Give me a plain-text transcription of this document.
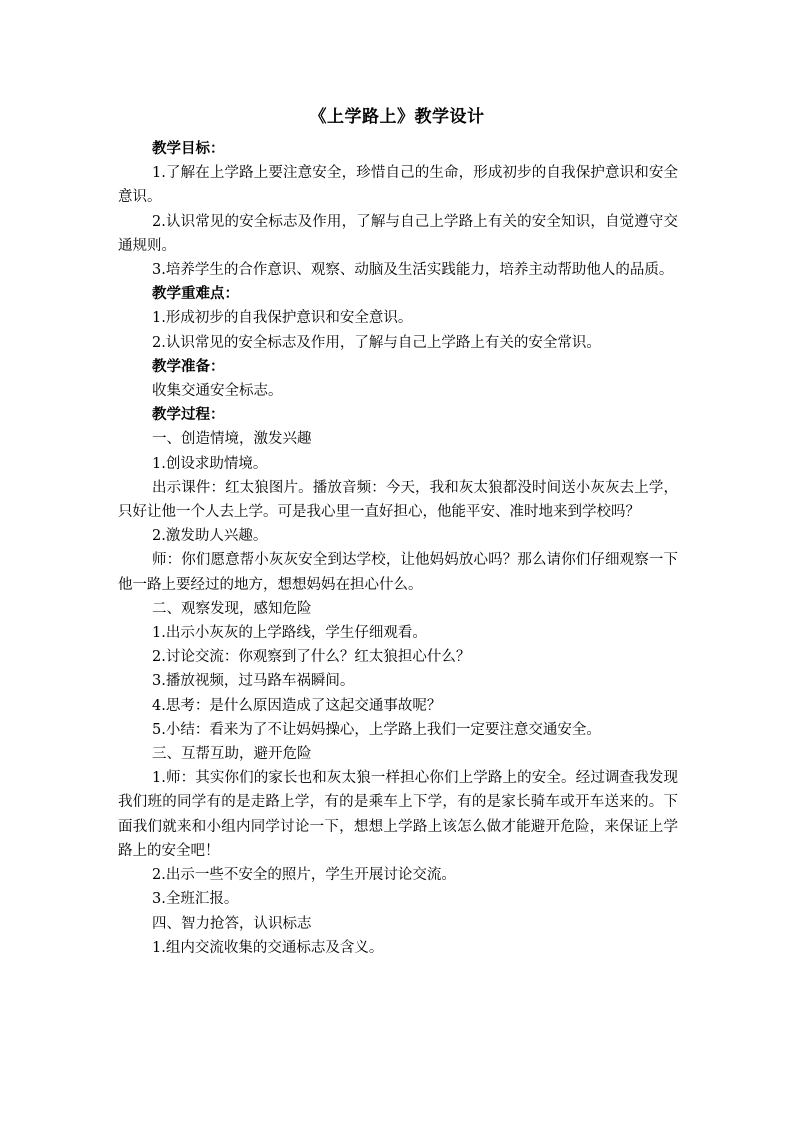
《上学路上》教学设计

教学目标：

1.了解在上学路上要注意安全，珍惜自己的生命，形成初步的自我保护意识和安全意识。

2.认识常见的安全标志及作用，了解与自己上学路上有关的安全知识，自觉遵守交通规则。

3.培养学生的合作意识、观察、动脑及生活实践能力，培养主动帮助他人的品质。

教学重难点：

1.形成初步的自我保护意识和安全意识。

2.认识常见的安全标志及作用，了解与自己上学路上有关的安全常识。

教学准备：

收集交通安全标志。

教学过程：

一、创造情境，激发兴趣

1.创设求助情境。

出示课件：红太狼图片。播放音频：今天，我和灰太狼都没时间送小灰灰去上学，只好让他一个人去上学。可是我心里一直好担心，他能平安、准时地来到学校吗？

2.激发助人兴趣。

师：你们愿意帮小灰灰安全到达学校，让他妈妈放心吗？那么请你们仔细观察一下他一路上要经过的地方，想想妈妈在担心什么。

二、观察发现，感知危险

1.出示小灰灰的上学路线，学生仔细观看。

2.讨论交流：你观察到了什么？红太狼担心什么？

3.播放视频，过马路车祸瞬间。

4.思考：是什么原因造成了这起交通事故呢？

5.小结：看来为了不让妈妈操心，上学路上我们一定要注意交通安全。

三、互帮互助，避开危险

1.师：其实你们的家长也和灰太狼一样担心你们上学路上的安全。经过调查我发现我们班的同学有的是走路上学，有的是乘车上下学，有的是家长骑车或开车送来的。下面我们就来和小组内同学讨论一下，想想上学路上该怎么做才能避开危险，来保证上学路上的安全吧！

2.出示一些不安全的照片，学生开展讨论交流。

3.全班汇报。

四、智力抢答，认识标志

1.组内交流收集的交通标志及含义。
